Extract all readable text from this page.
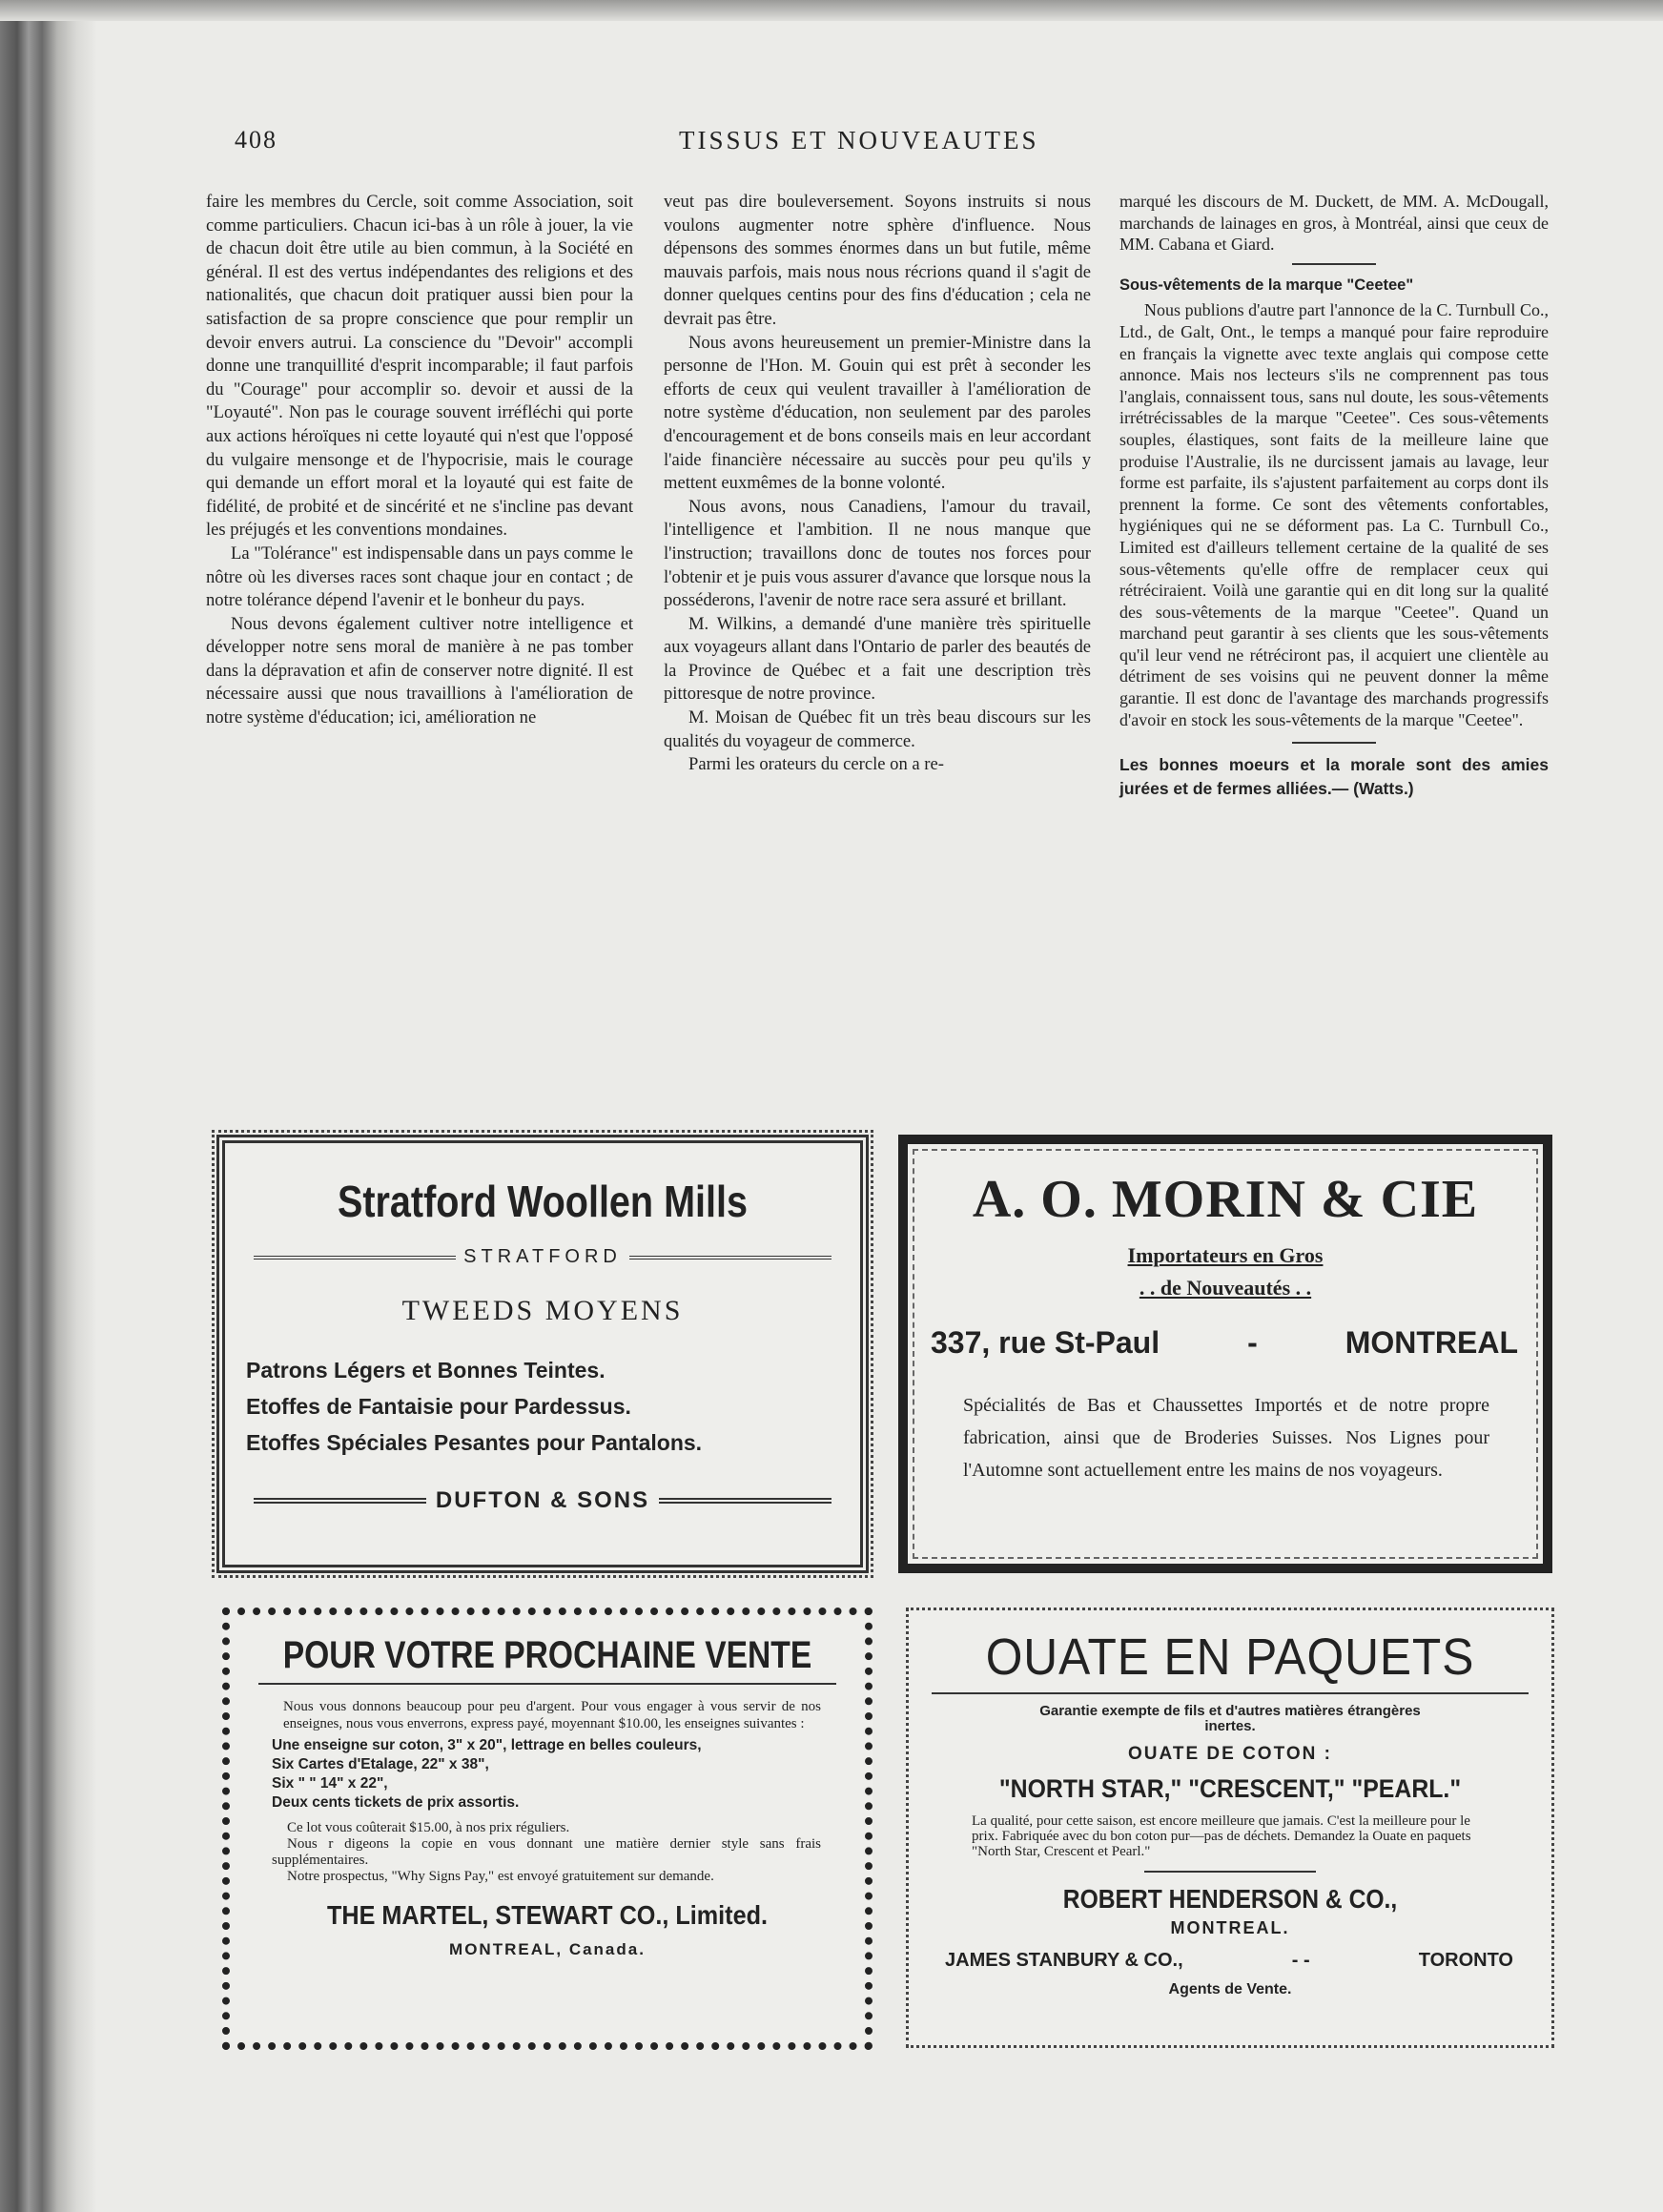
408	TISSUS ET NOUVEAUTES

faire les membres du Cercle, soit comme Association, soit comme particuliers. Chacun ici-bas à un rôle à jouer, la vie de chacun doit être utile au bien commun, à la Société en général. Il est des vertus indépendantes des religions et des nationalités, que chacun doit pratiquer aussi bien pour la satisfaction de sa propre conscience que pour remplir un devoir envers autrui. La conscience du "Devoir" accompli donne une tranquillité d'esprit incomparable; il faut parfois du "Courage" pour accomplir so. devoir et aussi de la "Loyauté". Non pas le courage souvent irréfléchi qui porte aux actions héroïques ni cette loyauté qui n'est que l'opposé du vulgaire mensonge et de l'hypocrisie, mais le courage qui demande un effort moral et la loyauté qui est faite de fidélité, de probité et de sincérité et ne s'incline pas devant les préjugés et les conventions mondaines.

La "Tolérance" est indispensable dans un pays comme le nôtre où les diverses races sont chaque jour en contact ; de notre tolérance dépend l'avenir et le bonheur du pays.

Nous devons également cultiver notre intelligence et développer notre sens moral de manière à ne pas tomber dans la dépravation et afin de conserver notre dignité. Il est nécessaire aussi que nous travaillions à l'amélioration de notre système d'éducation; ici, amélioration ne

veut pas dire bouleversement. Soyons instruits si nous voulons augmenter notre sphère d'influence. Nous dépensons des sommes énormes dans un but futile, même mauvais parfois, mais nous nous récrions quand il s'agit de donner quelques centins pour des fins d'éducation ; cela ne devrait pas être.

Nous avons heureusement un premier-Ministre dans la personne de l'Hon. M. Gouin qui est prêt à seconder les efforts de ceux qui veulent travailler à l'amélioration de notre système d'éducation, non seulement par des paroles d'encouragement et de bons conseils mais en leur accordant l'aide financière nécessaire au succès pour peu qu'ils y mettent euxmêmes de la bonne volonté.

Nous avons, nous Canadiens, l'amour du travail, l'intelligence et l'ambition. Il ne nous manque que l'instruction; travaillons donc de toutes nos forces pour l'obtenir et je puis vous assurer d'avance que lorsque nous la posséderons, l'avenir de notre race sera assuré et brillant.

M. Wilkins, a demandé d'une manière très spirituelle aux voyageurs allant dans l'Ontario de parler des beautés de la Province de Québec et a fait une description très pittoresque de notre province.

M. Moisan de Québec fit un très beau discours sur les qualités du voyageur de commerce.

Parmi les orateurs du cercle on a re-

marqué les discours de M. Duckett, de MM. A. McDougall, marchands de lainages en gros, à Montréal, ainsi que ceux de MM. Cabana et Giard.

Sous-vêtements de la marque "Ceetee"

Nous publions d'autre part l'annonce de la C. Turnbull Co., Ltd., de Galt, Ont., le temps a manqué pour faire reproduire en français la vignette avec texte anglais qui compose cette annonce. Mais nos lecteurs s'ils ne comprennent pas tous l'anglais, connaissent tous, sans nul doute, les sous-vêtements irrétrécissables de la marque "Ceetee". Ces sous-vêtements souples, élastiques, sont faits de la meilleure laine que produise l'Australie, ils ne durcissent jamais au lavage, leur forme est parfaite, ils s'ajustent parfaitement au corps dont ils prennent la forme. Ce sont des vêtements confortables, hygiéniques qui ne se déforment pas. La C. Turnbull Co., Limited est d'ailleurs tellement certaine de la qualité de ses sous-vêtements qu'elle offre de remplacer ceux qui rétréciraient. Voilà une garantie qui en dit long sur la qualité des sous-vêtements de la marque "Ceetee". Quand un marchand peut garantir à ses clients que les sous-vêtements qu'il leur vend ne rétréciront pas, il acquiert une clientèle au détriment de ses voisins qui ne peuvent donner la même garantie. Il est donc de l'avantage des marchands progressifs d'avoir en stock les sous-vêtements de la marque "Ceetee".

Les bonnes moeurs et la morale sont des amies jurées et de fermes alliées.— (Watts.)

Stratford Woollen Mills
STRATFORD
TWEEDS MOYENS
Patrons Légers et Bonnes Teintes.
Etoffes de Fantaisie pour Pardessus.
Etoffes Spéciales Pesantes pour Pantalons.
DUFTON & SONS
A. O. MORIN & CIE
Importateurs en Gros
. . de Nouveautés . .
337, rue St-Paul	-	MONTREAL
Spécialités de Bas et Chaussettes Importés et de notre propre fabrication, ainsi que de Broderies Suisses. Nos Lignes pour l'Automne sont actuellement entre les mains de nos voyageurs.
POUR VOTRE PROCHAINE VENTE
Nous vous donnons beaucoup pour peu d'argent. Pour vous engager à vous servir de nos enseignes, nous vous enverrons, express payé, moyennant $10.00, les enseignes suivantes :
Une enseigne sur coton, 3" x 20", lettrage en belles couleurs,
Six Cartes d'Etalage, 22" x 38",
Six " " 14" x 22",
Deux cents tickets de prix assortis.
Ce lot vous coûterait $15.00, à nos prix réguliers.
Nous r digeons la copie en vous donnant une matière dernier style sans frais supplémentaires.
Notre prospectus, "Why Signs Pay," est envoyé gratuitement sur demande.
THE MARTEL, STEWART CO., Limited.
MONTREAL, Canada.
OUATE EN PAQUETS
Garantie exempte de fils et d'autres matières étrangères inertes.
OUATE DE COTON :
"NORTH STAR," "CRESCENT," "PEARL."
La qualité, pour cette saison, est encore meilleure que jamais. C'est la meilleure pour le prix. Fabriquée avec du bon coton pur—pas de déchets. Demandez la Ouate en paquets "North Star, Crescent et Pearl."
ROBERT HENDERSON & CO.,
MONTREAL.
JAMES STANBURY & CO.,	- -	TORONTO
Agents de Vente.
